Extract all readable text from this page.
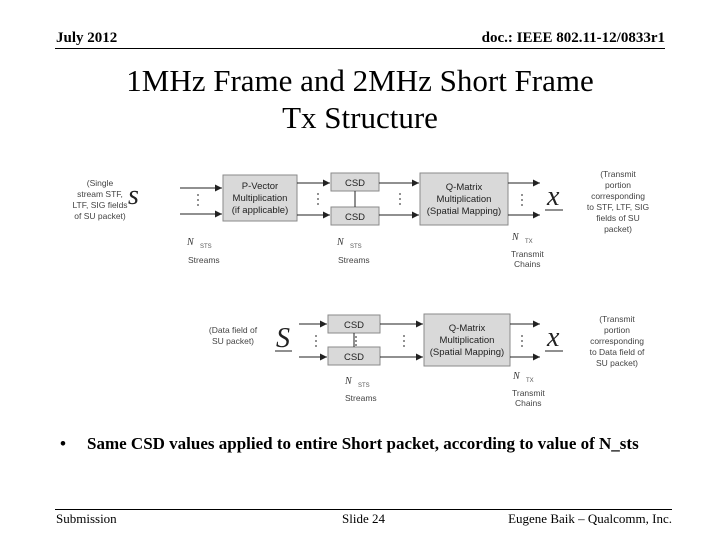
July 2012	doc.: IEEE 802.11-12/0833r1
1MHz Frame and 2MHz Short Frame
Tx Structure
(Single
stream STF,
LTF, SIG fields
of SU packet)
s	P-Vector
Multiplication
(if applicable)
CSD
CSD
Q-Matrix
Multiplication
(Spatial Mapping) x
(Transmit
portion
corresponding
to STF, LTF, SIG
fields of SU
packet)
N STS
Streams
N STS
Streams
N TX
Transmit
Chains
(Data field of
SU packet) S	CSD
CSD
Q-Matrix
Multiplication
(Spatial Mapping) x
(Transmit
portion
corresponding
to Data field of
SU packet)
N STS
Streams
N TX
Transmit
Chains
• Same CSD values applied to entire Short packet, according to value of N_sts
Submission	Slide 24	Eugene Baik – Qualcomm, Inc.
